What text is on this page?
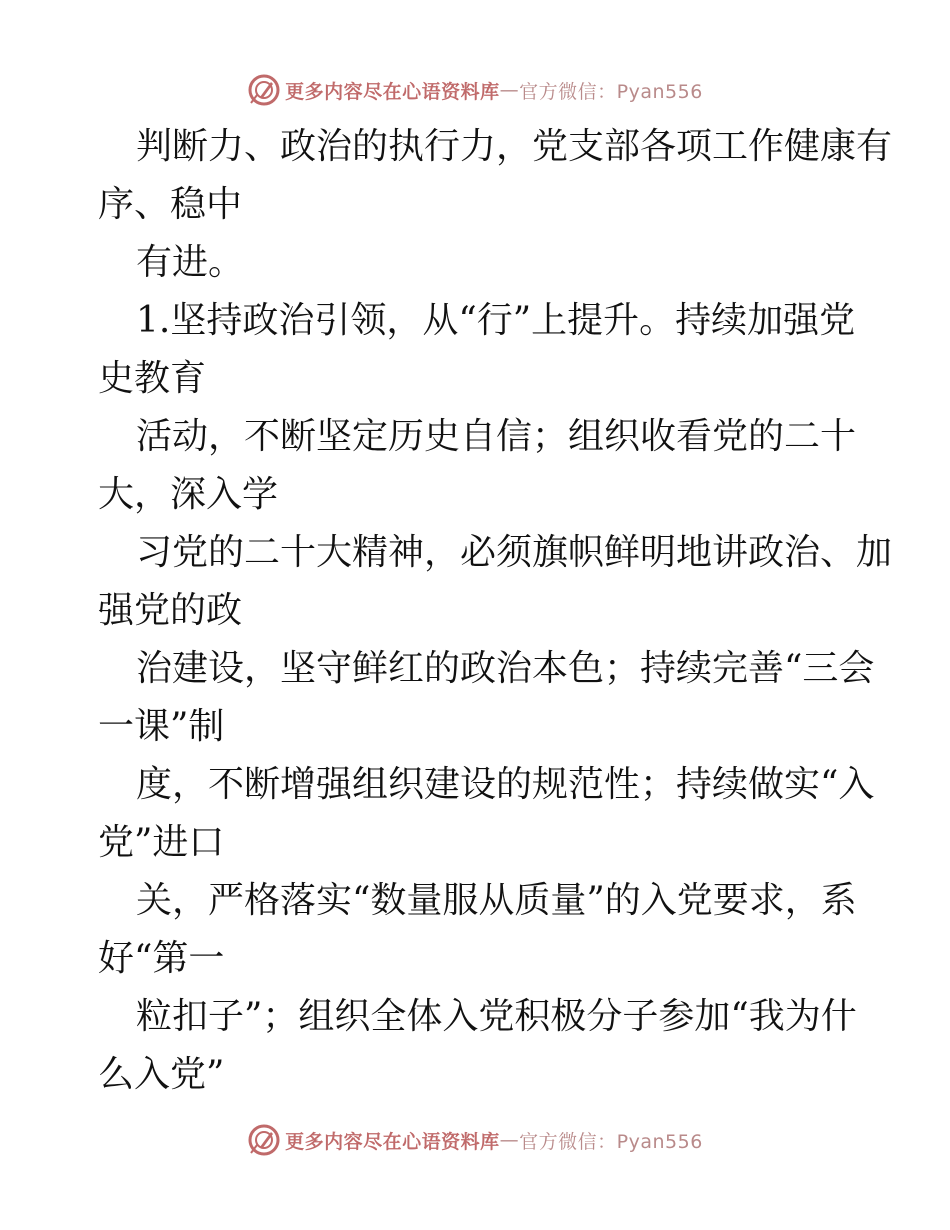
更多内容尽在心语资料库 — 官方微信：Pyan556
判断力、政治的执行力，党支部各项工作健康有
序、稳中
有进。
1.坚持政治引领，从“行”上提升。持续加强党
史教育
活动，不断坚定历史自信；组织收看党的二十
大，深入学
习党的二十大精神，必须旗帜鲜明地讲政治、加
强党的政
治建设，坚守鲜红的政治本色；持续完善“三会
一课”制
度，不断增强组织建设的规范性；持续做实“入
党”进口
关，严格落实“数量服从质量”的入党要求，系
好“第一
粒扣子”；组织全体入党积极分子参加“我为什
么入党”
更多内容尽在心语资料库 — 官方微信：Pyan556
